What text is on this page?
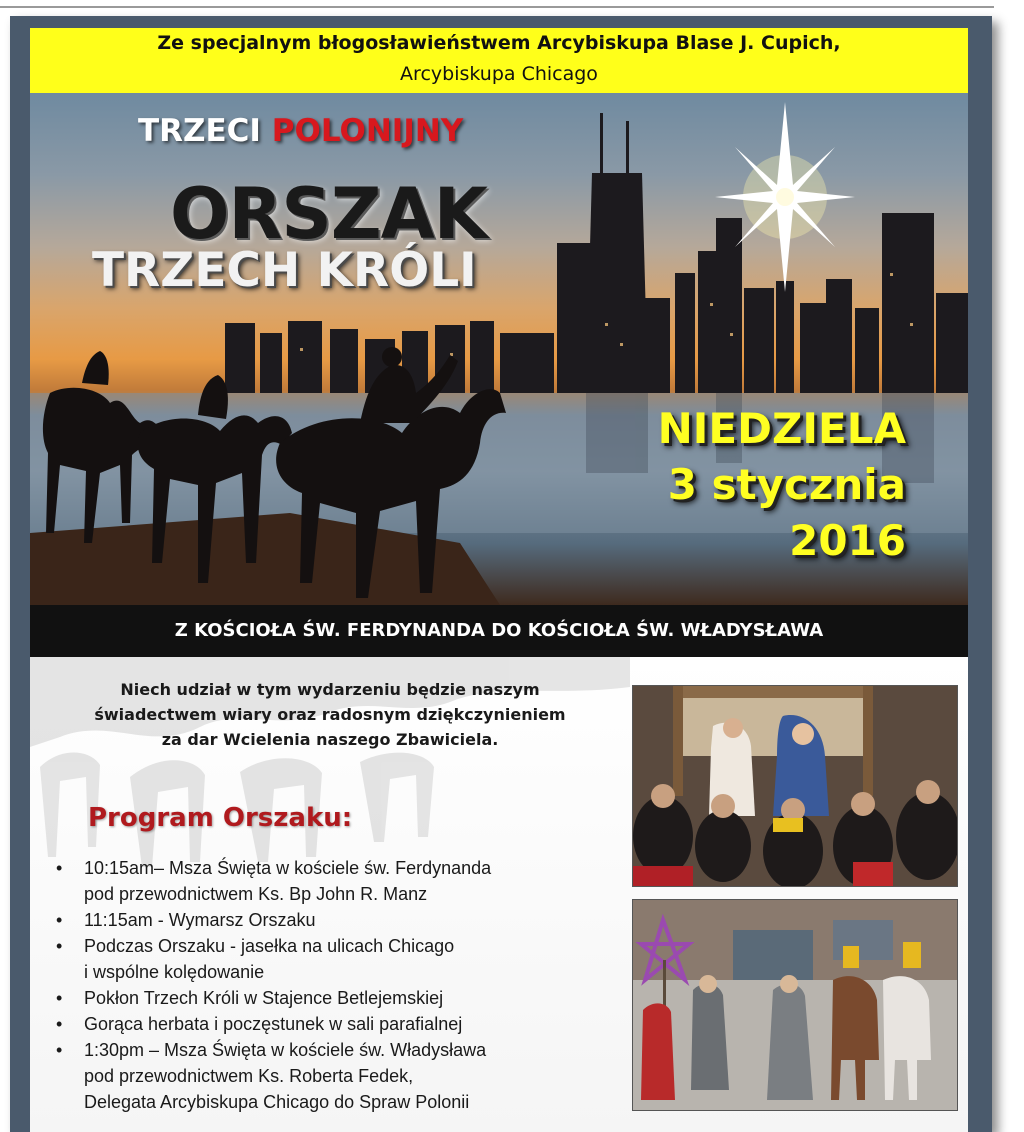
Ze specjalnym błogosławieństwem Arcybiskupa Blase J. Cupich,
Arcybiskupa Chicago
TRZECI POLONIJNY
ORSZAK
TRZECH KRÓLI
NIEDZIELA
3 stycznia
2016
Z KOŚCIOŁA ŚW. FERDYNANDA DO KOŚCIOŁA ŚW. WŁADYSŁAWA
Niech udział w tym wydarzeniu będzie naszym
świadectwem wiary oraz radosnym dziękczynieniem
za dar Wcielenia naszego Zbawiciela.
Program Orszaku:
• 10:15am– Msza Święta w kościele św. Ferdynanda
pod przewodnictwem Ks. Bp John R. Manz
• 11:15am - Wymarsz Orszaku
• Podczas Orszaku - jasełka na ulicach Chicago
i wspólne kolędowanie
• Pokłon Trzech Króli w Stajence Betlejemskiej
• Gorąca herbata i poczęstunek w sali parafialnej
• 1:30pm – Msza Święta w kościele św. Władysława
pod przewodnictwem Ks. Roberta Fedek,
Delegata Arcybiskupa Chicago do Spraw Polonii
